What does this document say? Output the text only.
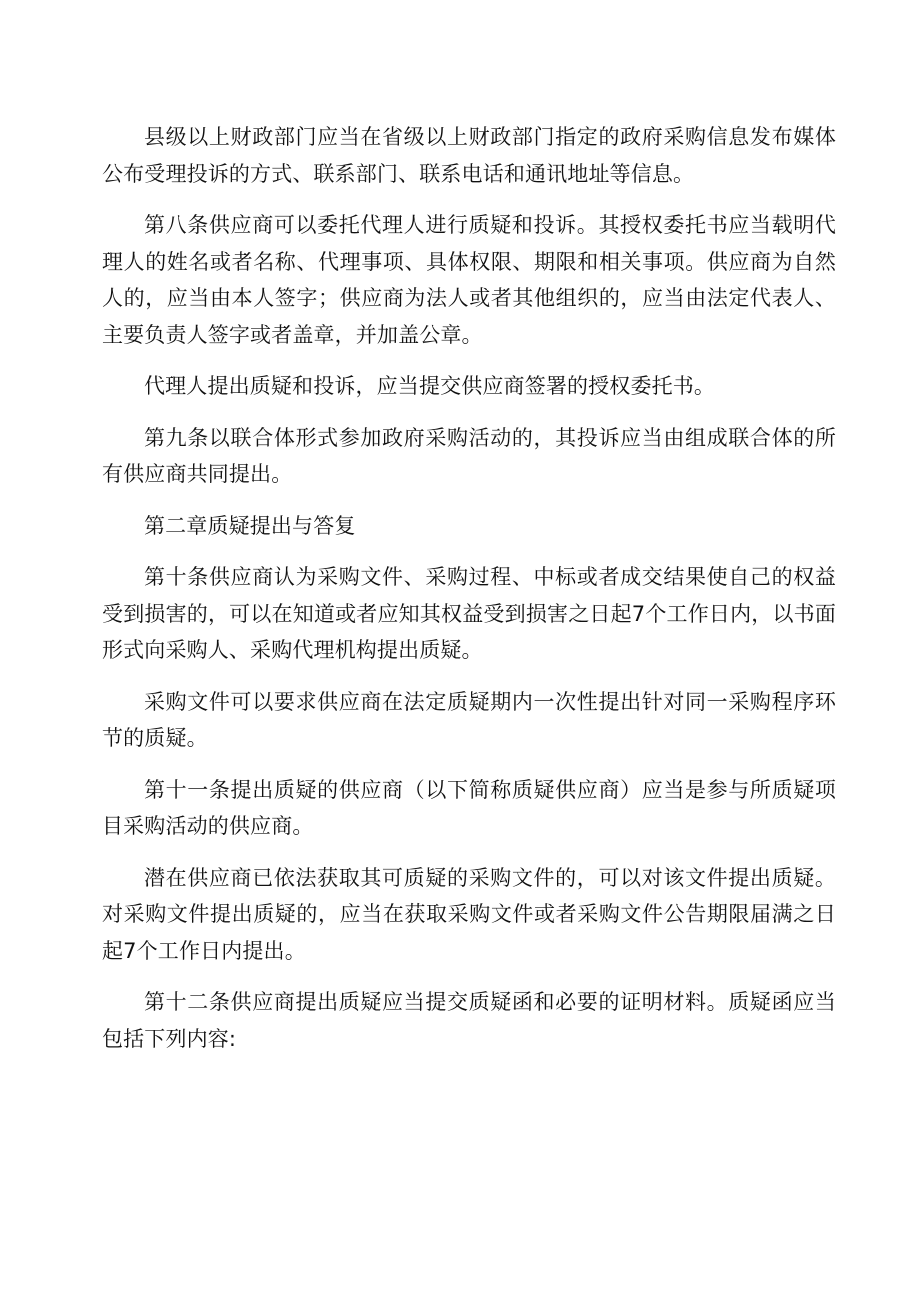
县级以上财政部门应当在省级以上财政部门指定的政府采购信息发布媒体公布受理投诉的方式、联系部门、联系电话和通讯地址等信息。

第八条供应商可以委托代理人进行质疑和投诉。其授权委托书应当载明代理人的姓名或者名称、代理事项、具体权限、期限和相关事项。供应商为自然人的，应当由本人签字；供应商为法人或者其他组织的，应当由法定代表人、主要负责人签字或者盖章，并加盖公章。

代理人提出质疑和投诉，应当提交供应商签署的授权委托书。

第九条以联合体形式参加政府采购活动的，其投诉应当由组成联合体的所有供应商共同提出。

第二章质疑提出与答复

第十条供应商认为采购文件、采购过程、中标或者成交结果使自己的权益受到损害的，可以在知道或者应知其权益受到损害之日起7个工作日内，以书面形式向采购人、采购代理机构提出质疑。

采购文件可以要求供应商在法定质疑期内一次性提出针对同一采购程序环节的质疑。

第十一条提出质疑的供应商（以下简称质疑供应商）应当是参与所质疑项目采购活动的供应商。

潜在供应商已依法获取其可质疑的采购文件的，可以对该文件提出质疑。对采购文件提出质疑的，应当在获取采购文件或者采购文件公告期限届满之日起7个工作日内提出。

第十二条供应商提出质疑应当提交质疑函和必要的证明材料。质疑函应当包括下列内容:
